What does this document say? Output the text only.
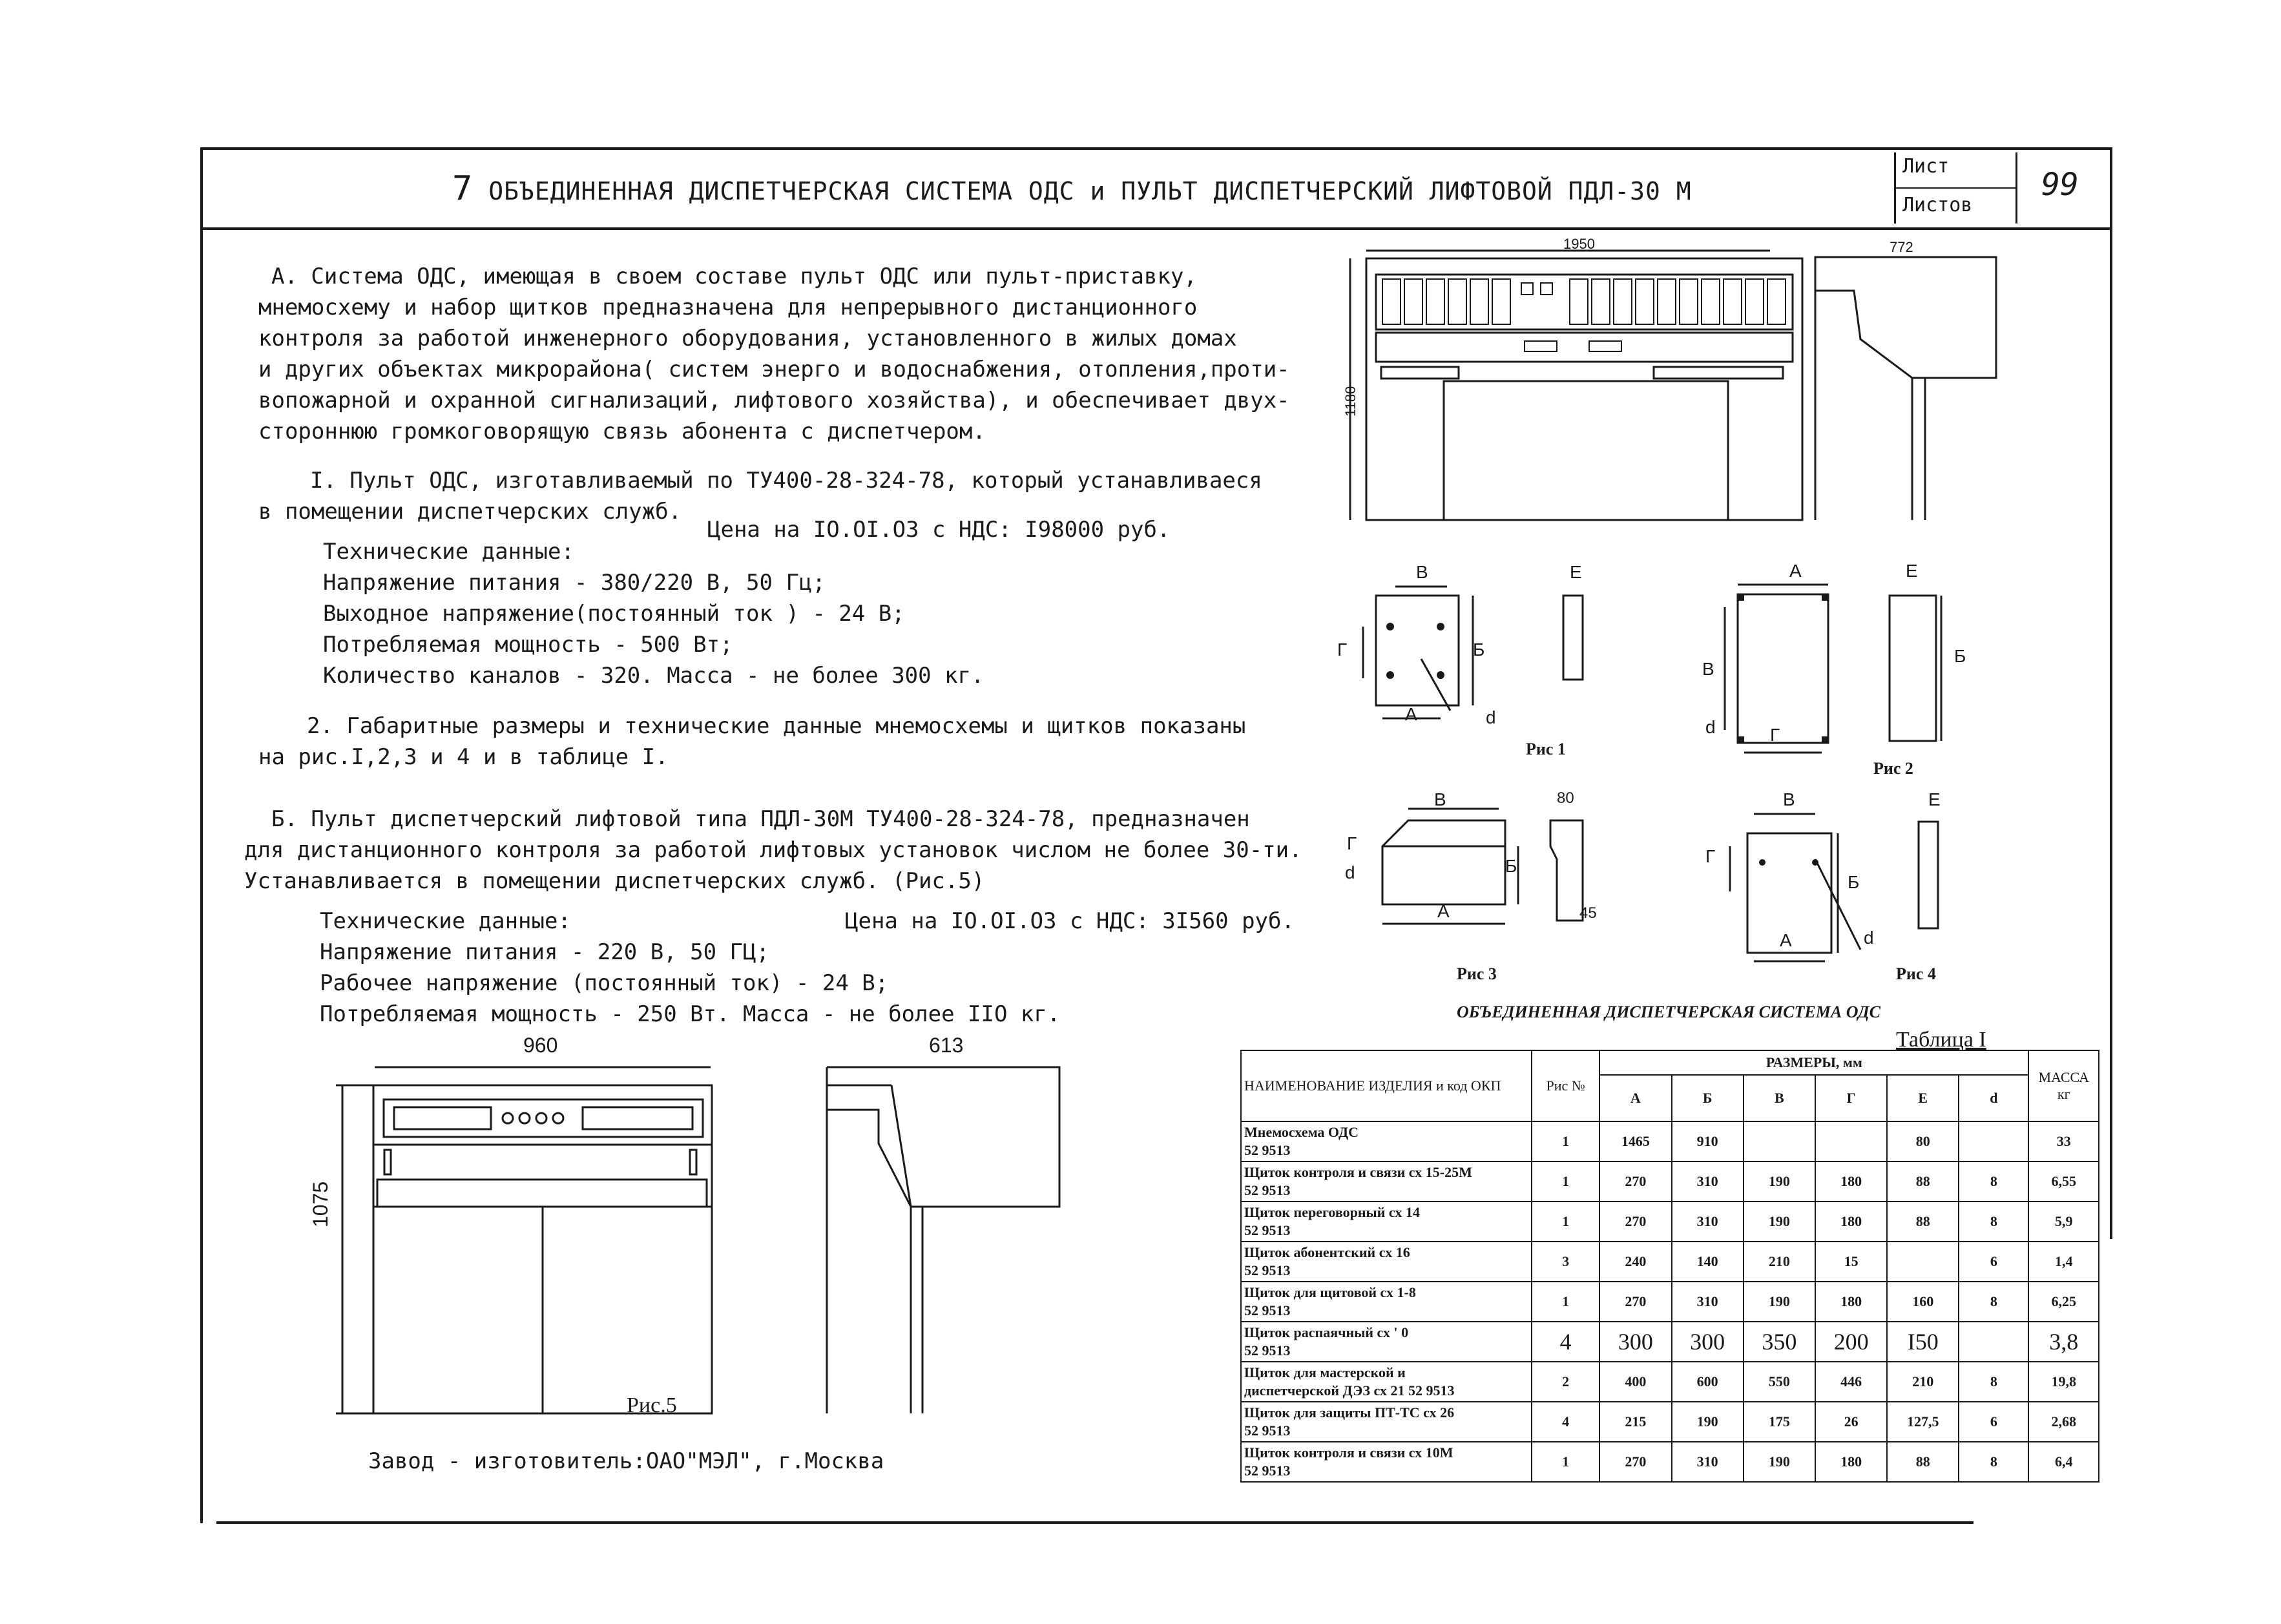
7 ОБЪЕДИНЕННАЯ ДИСПЕТЧЕРСКАЯ СИСТЕМА ОДС и ПУЛЬТ ДИСПЕТЧЕРСКИЙ ЛИФТОВОЙ ПДЛ-30 М
Лист
Листов
99
А. Система ОДС, имеющая в своем составе пульт ОДС или пульт-приставку,
мнемосхему и набор щитков предназначена для непрерывного дистанционного
контроля за работой инженерного оборудования, установленного в жилых домах
и других объектах микрорайона( систем энерго и водоснабжения, отопления,проти-
вопожарной и охранной сигнализаций, лифтового хозяйства), и обеспечивает двух-
стороннюю громкоговорящую связь абонента с диспетчером.
I. Пульт ОДС, изготавливаемый по ТУ400-28-324-78, который устанавливаеся
в помещении диспетчерских служб.
Цена на IO.OI.O3 с НДС: I98000 руб.
Технические данные:
Напряжение питания - 380/220 В, 50 Гц;
Выходное напряжение(постоянный ток ) - 24 В;
Потребляемая мощность - 500 Вт;
Количество каналов - 320. Масса - не более 300 кг.
2. Габаритные размеры и технические данные мнемосхемы и щитков показаны
на рис.I,2,3 и 4 и в таблице I.
Б. Пульт диспетчерский лифтовой типа ПДЛ-30М ТУ400-28-324-78, предназначен
для дистанционного контроля за работой лифтовых установок числом не более 30-ти.
Устанавливается в помещении диспетчерских служб. (Рис.5)
Технические данные:	Цена на IO.OI.O3 с НДС: 3I560 руб.
Напряжение питания - 220 В, 50 ГЦ;
Рабочее напряжение (постоянный ток) - 24 В;
Потребляемая мощность - 250 Вт. Масса - не более IIO кг.
960	613
1075
Рис.5
Завод - изготовитель:ОАО"МЭЛ", г.Москва
1950	772
1180
В	Е
Г	Б
А	d
Рис 1
А	Е
В
Б
d	Г
Рис 2
В	80
Г
d	Б
А	45
Рис 3
В	Е
Г
Б
А	d
Рис 4
ОБЪЕДИНЕННАЯ ДИСПЕТЧЕРСКАЯ СИСТЕМА ОДС
Таблица I
НАИМЕНОВАНИЕ ИЗДЕЛИЯ и код ОКП	Рис №	РАЗМЕРЫ, мм						МАССА кг
		А	Б	В	Г	Е	d	

Мнемосхема ОДС
52 9513	1	1465	910			80		33

Щиток контроля и связи сх 15-25М
52 9513	1	270	310	190	180	88	8	6,55

Щиток переговорный сх 14
52 9513	1	270	310	190	180	88	8	5,9

Щиток абонентский сх 16
52 9513	3	240	140	210	15		6	1,4

Щиток для щитовой сх 1-8
52 9513	1	270	310	190	180	160	8	6,25

Щиток распаячный сх ' 0
52 9513	4	300	300	350	200	I50		3,8

Щиток для мастерской и
диспетчерской ДЭЗ сх 21 52 9513	2	400	600	550	446	210	8	19,8

Щиток для защиты ПТ-ТС сх 26
52 9513	4	215	190	175	26	127,5	6	2,68

Щиток контроля и связи сх 10М
52 9513	1	270	310	190	180	88	8	6,4
